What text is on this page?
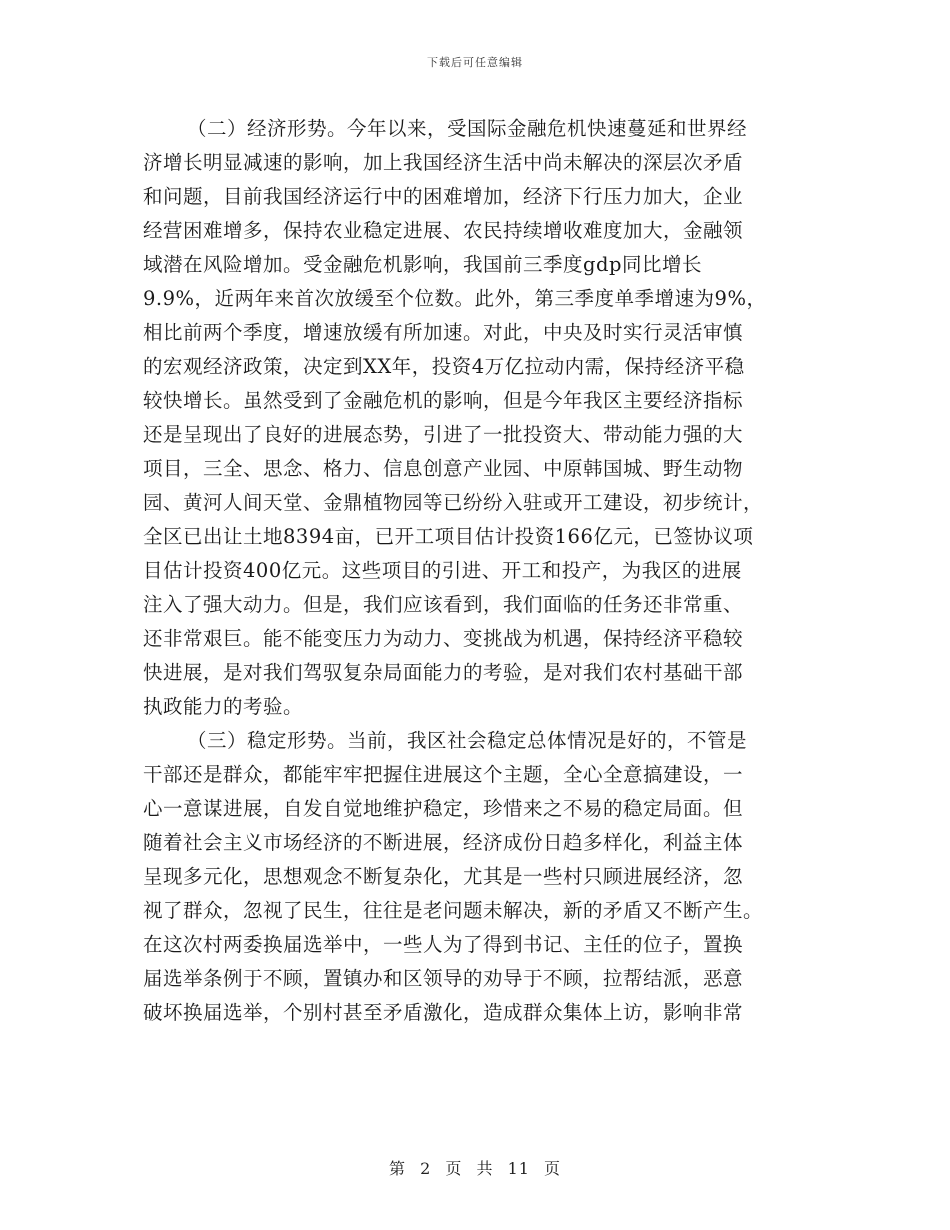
下载后可任意编辑

（二）经济形势。今年以来，受国际金融危机快速蔓延和世界经
济增长明显减速的影响，加上我国经济生活中尚未解决的深层次矛盾
和问题，目前我国经济运行中的困难增加，经济下行压力加大，企业
经营困难增多，保持农业稳定进展、农民持续增收难度加大，金融领
域潜在风险增加。受金融危机影响，我国前三季度gdp同比增长
9.9%，近两年来首次放缓至个位数。此外，第三季度单季增速为9%，
相比前两个季度，增速放缓有所加速。对此，中央及时实行灵活审慎
的宏观经济政策，决定到XX年，投资4万亿拉动内需，保持经济平稳
较快增长。虽然受到了金融危机的影响，但是今年我区主要经济指标
还是呈现出了良好的进展态势，引进了一批投资大、带动能力强的大
项目，三全、思念、格力、信息创意产业园、中原韩国城、野生动物
园、黄河人间天堂、金鼎植物园等已纷纷入驻或开工建设，初步统计，
全区已出让土地8394亩，已开工项目估计投资166亿元，已签协议项
目估计投资400亿元。这些项目的引进、开工和投产，为我区的进展
注入了强大动力。但是，我们应该看到，我们面临的任务还非常重、
还非常艰巨。能不能变压力为动力、变挑战为机遇，保持经济平稳较
快进展，是对我们驾驭复杂局面能力的考验，是对我们农村基础干部
执政能力的考验。

（三）稳定形势。当前，我区社会稳定总体情况是好的，不管是
干部还是群众，都能牢牢把握住进展这个主题，全心全意搞建设，一
心一意谋进展，自发自觉地维护稳定，珍惜来之不易的稳定局面。但
随着社会主义市场经济的不断进展，经济成份日趋多样化，利益主体
呈现多元化，思想观念不断复杂化，尤其是一些村只顾进展经济，忽
视了群众，忽视了民生，往往是老问题未解决，新的矛盾又不断产生。
在这次村两委换届选举中，一些人为了得到书记、主任的位子，置换
届选举条例于不顾，置镇办和区领导的劝导于不顾，拉帮结派，恶意
破坏换届选举，个别村甚至矛盾激化，造成群众集体上访，影响非常

第 2 页 共 11 页
